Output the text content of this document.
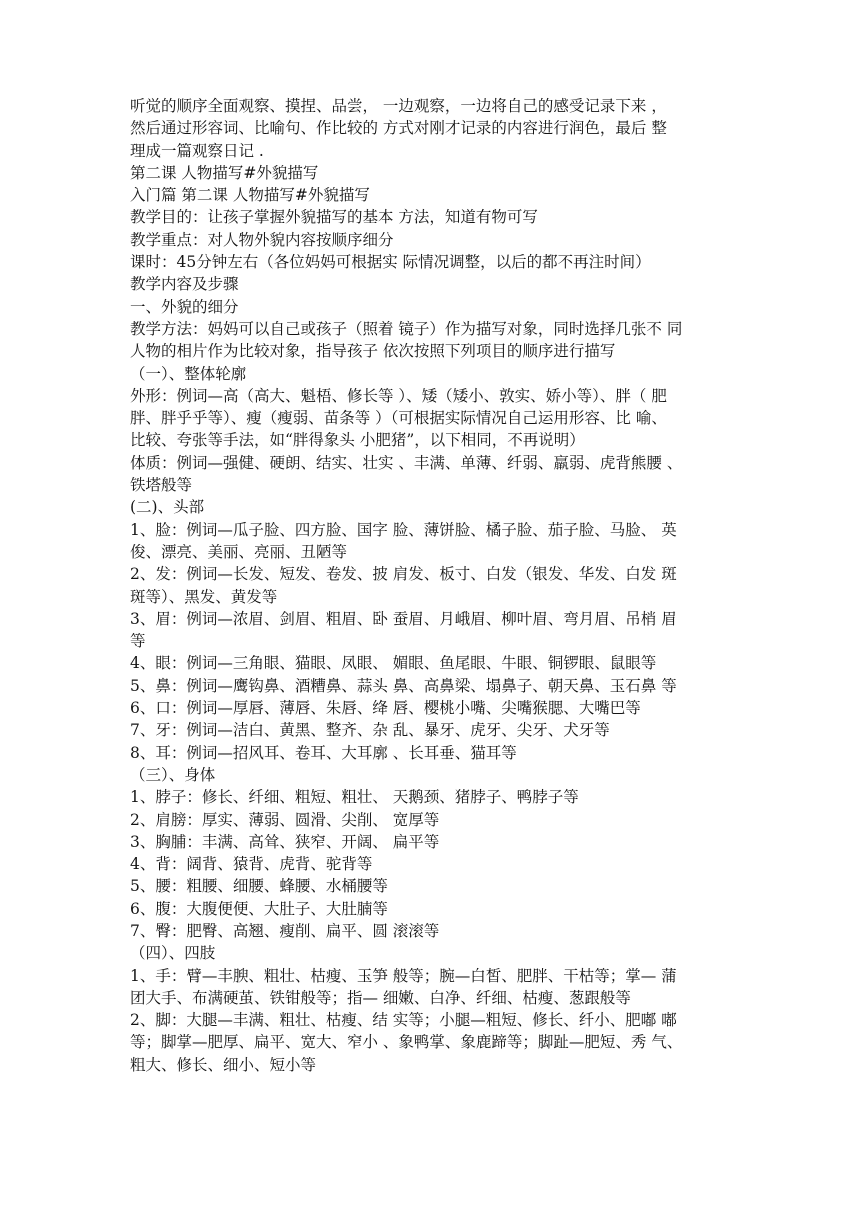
听觉的顺序全面观察、摸捏、品尝， 一边观察，一边将自己的感受记录下来 ，
然后通过形容词、比喻句、作比较的 方式对刚才记录的内容进行润色，最后 整
理成一篇观察日记 .
第二课 人物描写#外貌描写
入门篇 第二课 人物描写#外貌描写
教学目的：让孩子掌握外貌描写的基本 方法，知道有物可写
教学重点：对人物外貌内容按顺序细分
课时：45分钟左右（各位妈妈可根据实 际情况调整，以后的都不再注时间）
教学内容及步骤
一、外貌的细分
教学方法：妈妈可以自己或孩子（照着 镜子）作为描写对象，同时选择几张不 同
人物的相片作为比较对象，指导孩子 依次按照下列项目的顺序进行描写
（一）、整体轮廓
外形：例词—高（高大、魁梧、修长等 ）、矮（矮小、敦实、娇小等）、胖（ 肥
胖、胖乎乎等）、瘦（瘦弱、苗条等 ）（可根据实际情况自己运用形容、比 喻、
比较、夸张等手法，如“胖得象头 小肥猪”，以下相同，不再说明）
体质：例词—强健、硬朗、结实、壮实 、丰满、单薄、纤弱、羸弱、虎背熊腰 、
铁塔般等
(二)、头部
1、脸：例词—瓜子脸、四方脸、国字 脸、薄饼脸、橘子脸、茄子脸、马脸、 英
俊、漂亮、美丽、亮丽、丑陋等
2、发：例词—长发、短发、卷发、披 肩发、板寸、白发（银发、华发、白发 斑
斑等）、黑发、黄发等
3、眉：例词—浓眉、剑眉、粗眉、卧 蚕眉、月峨眉、柳叶眉、弯月眉、吊梢 眉
等
4、眼：例词—三角眼、猫眼、凤眼、 媚眼、鱼尾眼、牛眼、铜锣眼、鼠眼等
5、鼻：例词—鹰钩鼻、酒糟鼻、蒜头 鼻、高鼻梁、塌鼻子、朝天鼻、玉石鼻 等
6、口：例词—厚唇、薄唇、朱唇、绛 唇、樱桃小嘴、尖嘴猴腮、大嘴巴等
7、牙：例词—洁白、黄黑、整齐、杂 乱、暴牙、虎牙、尖牙、犬牙等
8、耳：例词—招风耳、卷耳、大耳廓 、长耳垂、猫耳等
（三）、身体
1、脖子：修长、纤细、粗短、粗壮、 天鹅颈、猪脖子、鸭脖子等
2、肩膀：厚实、薄弱、圆滑、尖削、 宽厚等
3、胸脯：丰满、高耸、狭窄、开阔、 扁平等
4、背：阔背、猿背、虎背、驼背等
5、腰：粗腰、细腰、蜂腰、水桶腰等
6、腹：大腹便便、大肚子、大肚腩等
7、臀：肥臀、高翘、瘦削、扁平、圆 滚滚等
（四）、四肢
1、手：臂—丰腴、粗壮、枯瘦、玉笋 般等；腕—白皙、肥胖、干枯等；掌— 蒲
团大手、布满硬茧、铁钳般等；指— 细嫩、白净、纤细、枯瘦、葱跟般等
2、脚：大腿—丰满、粗壮、枯瘦、结 实等；小腿—粗短、修长、纤小、肥嘟 嘟
等；脚掌—肥厚、扁平、宽大、窄小 、象鸭掌、象鹿蹄等；脚趾—肥短、秀 气、
粗大、修长、细小、短小等
